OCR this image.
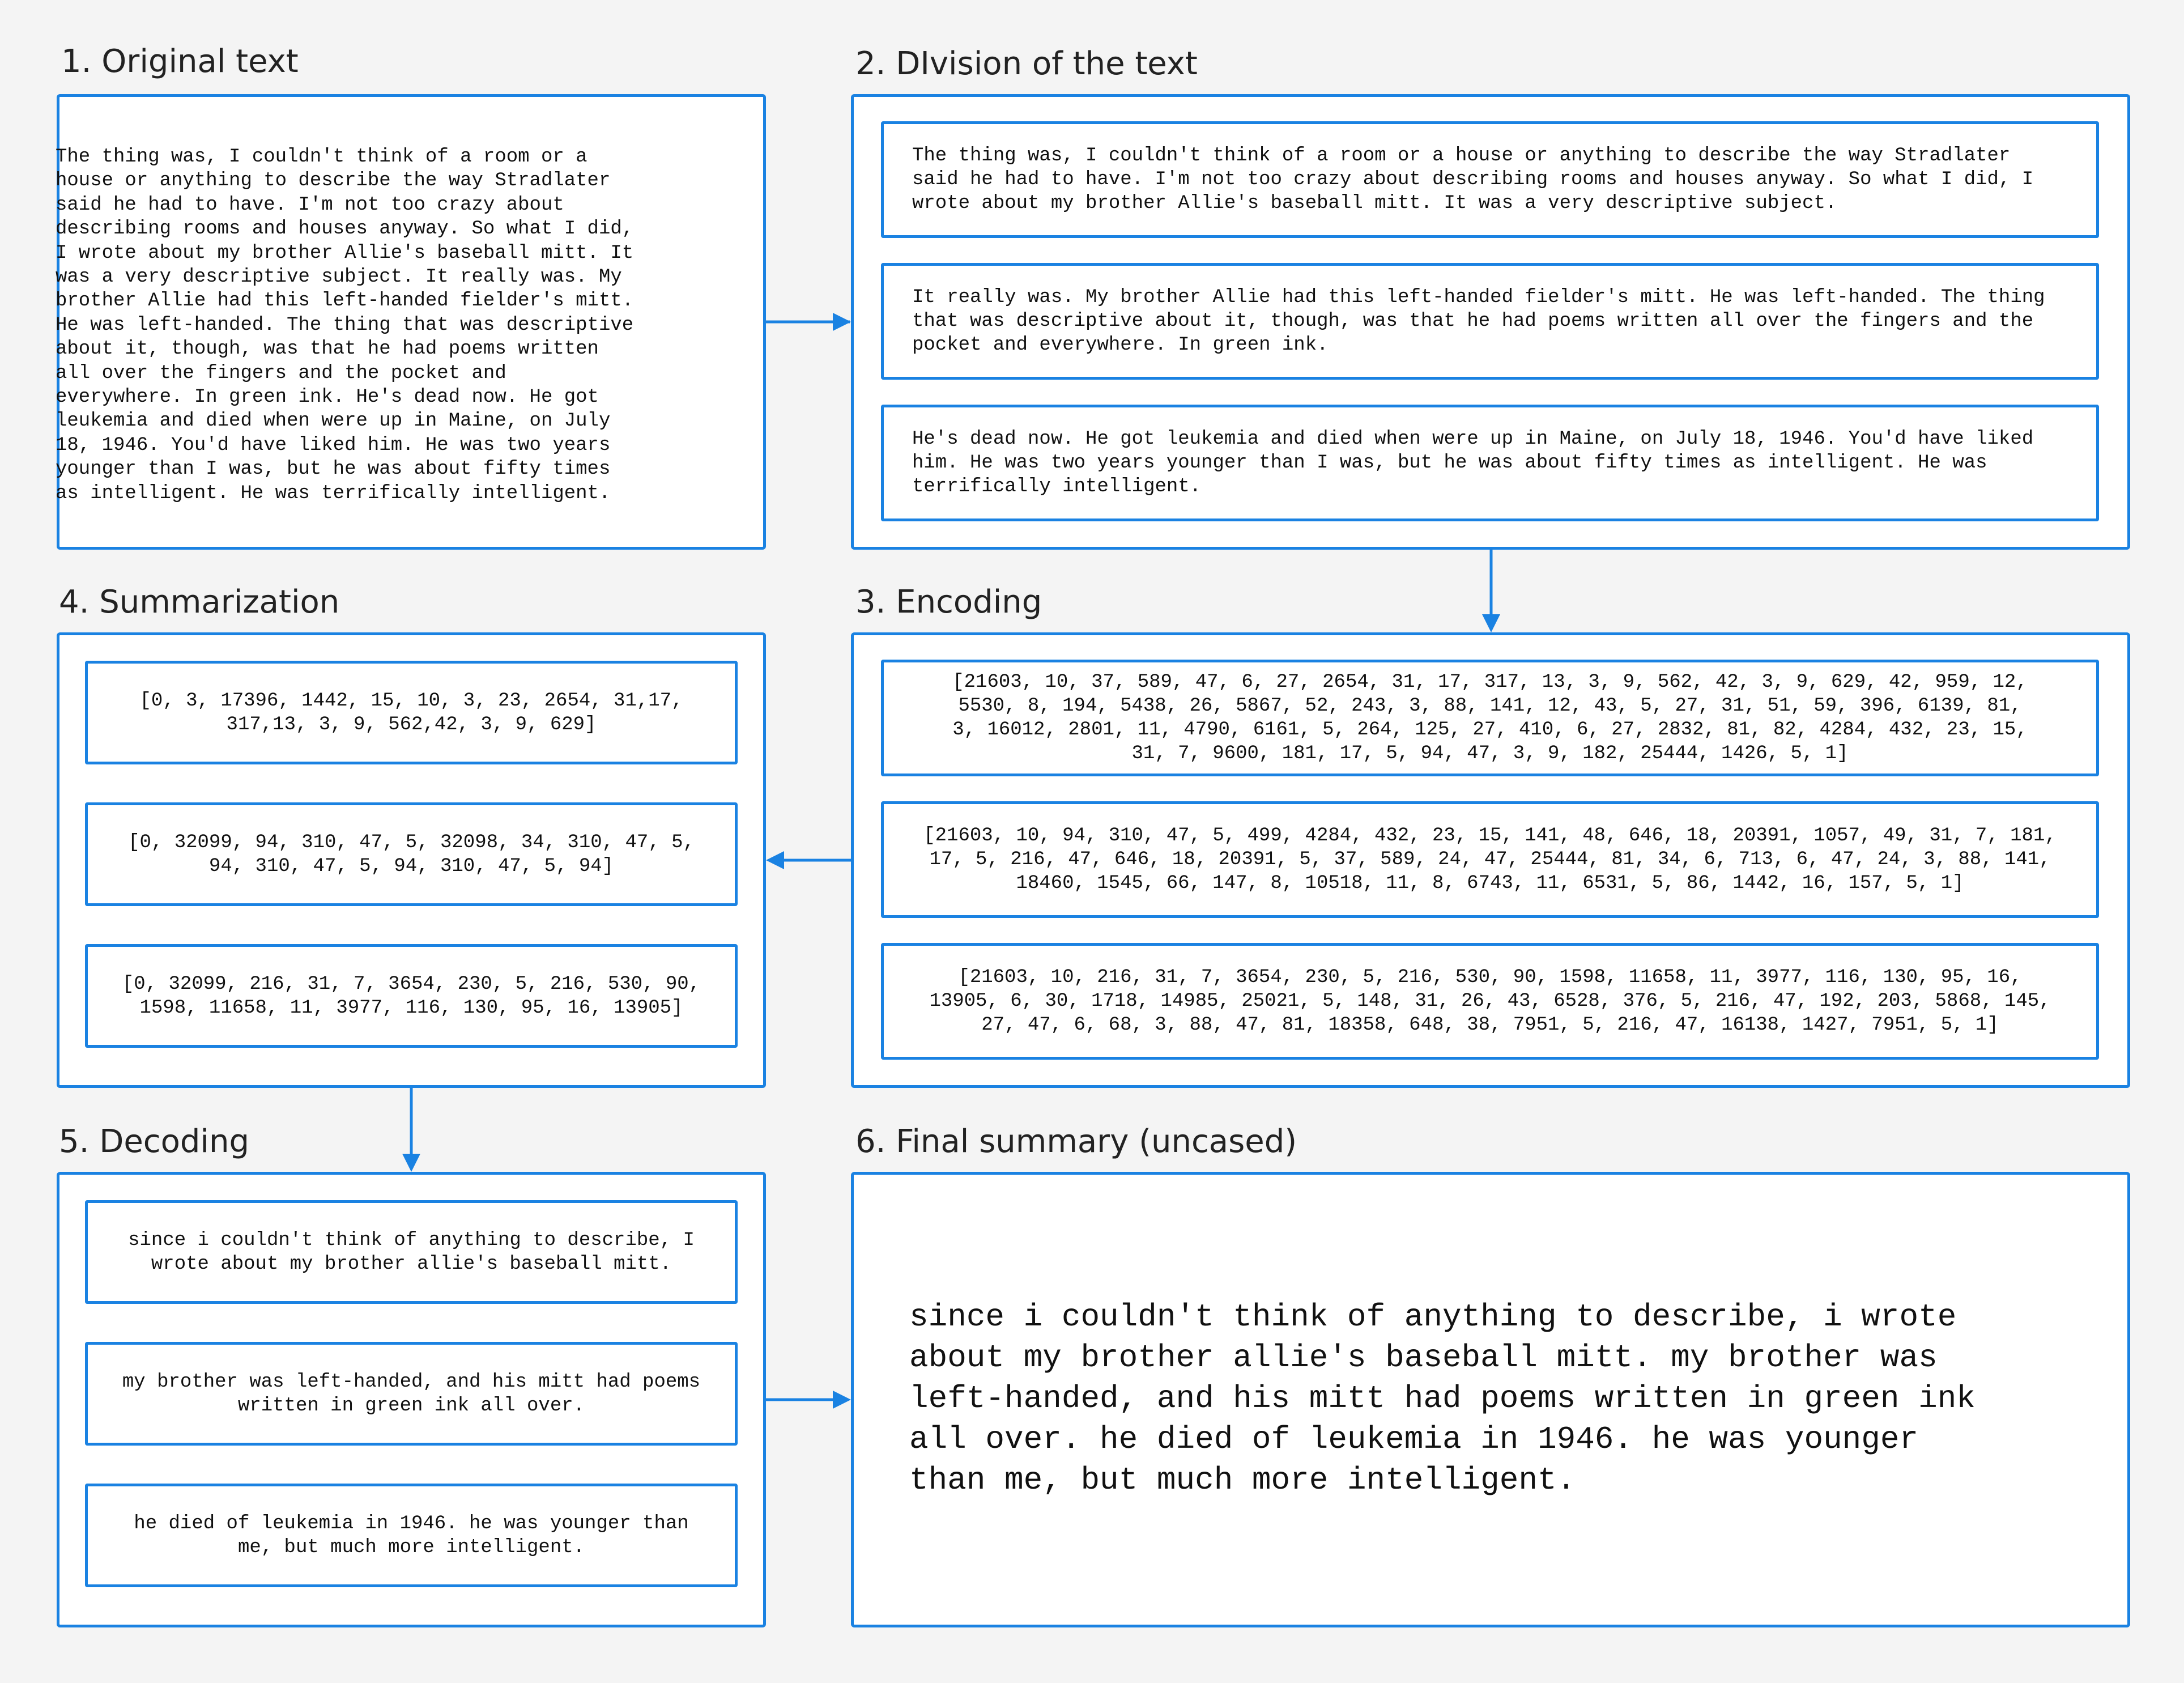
1. Original text	2. DIvision of the text
3. Encoding
4. Summarization
5. Decoding	6. Final summary (uncased)
The thing was, I couldn't think of a room or a
house or anything to describe the way Stradlater
said he had to have. I'm not too crazy about
describing rooms and houses anyway. So what I did,
I wrote about my brother Allie's baseball mitt. It
was a very descriptive subject. It really was. My
brother Allie had this left-handed fielder's mitt.
He was left-handed. The thing that was descriptive
about it, though, was that he had poems written
all over the fingers and the pocket and
everywhere. In green ink. He's dead now. He got
leukemia and died when were up in Maine, on July
18, 1946. You'd have liked him. He was two years
younger than I was, but he was about fifty times
as intelligent. He was terrifically intelligent.
The thing was, I couldn't think of a room or a house or anything to describe the way Stradlater
said he had to have. I'm not too crazy about describing rooms and houses anyway. So what I did, I
wrote about my brother Allie's baseball mitt. It was a very descriptive subject.
It really was. My brother Allie had this left-handed fielder's mitt. He was left-handed. The thing
that was descriptive about it, though, was that he had poems written all over the fingers and the
pocket and everywhere. In green ink.
He's dead now. He got leukemia and died when were up in Maine, on July 18, 1946. You'd have liked
him. He was two years younger than I was, but he was about fifty times as intelligent. He was
terrifically intelligent.
[21603, 10, 37, 589, 47, 6, 27, 2654, 31, 17, 317, 13, 3, 9, 562, 42, 3, 9, 629, 42, 959, 12,
5530, 8, 194, 5438, 26, 5867, 52, 243, 3, 88, 141, 12, 43, 5, 27, 31, 51, 59, 396, 6139, 81,
3, 16012, 2801, 11, 4790, 6161, 5, 264, 125, 27, 410, 6, 27, 2832, 81, 82, 4284, 432, 23, 15,
31, 7, 9600, 181, 17, 5, 94, 47, 3, 9, 182, 25444, 1426, 5, 1]
[21603, 10, 94, 310, 47, 5, 499, 4284, 432, 23, 15, 141, 48, 646, 18, 20391, 1057, 49, 31, 7, 181,
17, 5, 216, 47, 646, 18, 20391, 5, 37, 589, 24, 47, 25444, 81, 34, 6, 713, 6, 47, 24, 3, 88, 141,
18460, 1545, 66, 147, 8, 10518, 11, 8, 6743, 11, 6531, 5, 86, 1442, 16, 157, 5, 1]
[21603, 10, 216, 31, 7, 3654, 230, 5, 216, 530, 90, 1598, 11658, 11, 3977, 116, 130, 95, 16,
13905, 6, 30, 1718, 14985, 25021, 5, 148, 31, 26, 43, 6528, 376, 5, 216, 47, 192, 203, 5868, 145,
27, 47, 6, 68, 3, 88, 47, 81, 18358, 648, 38, 7951, 5, 216, 47, 16138, 1427, 7951, 5, 1]
[0, 3, 17396, 1442, 15, 10, 3, 23, 2654, 31,17,
317,13, 3, 9, 562,42, 3, 9, 629]
[0, 32099, 94, 310, 47, 5, 32098, 34, 310, 47, 5,
94, 310, 47, 5, 94, 310, 47, 5, 94]
[0, 32099, 216, 31, 7, 3654, 230, 5, 216, 530, 90,
1598, 11658, 11, 3977, 116, 130, 95, 16, 13905]
since i couldn't think of anything to describe, I
wrote about my brother allie's baseball mitt.
my brother was left-handed, and his mitt had poems
written in green ink all over.
he died of leukemia in 1946. he was younger than
me, but much more intelligent.
since i couldn't think of anything to describe, i wrote
about my brother allie's baseball mitt. my brother was
left-handed, and his mitt had poems written in green ink
all over. he died of leukemia in 1946. he was younger
than me, but much more intelligent.
